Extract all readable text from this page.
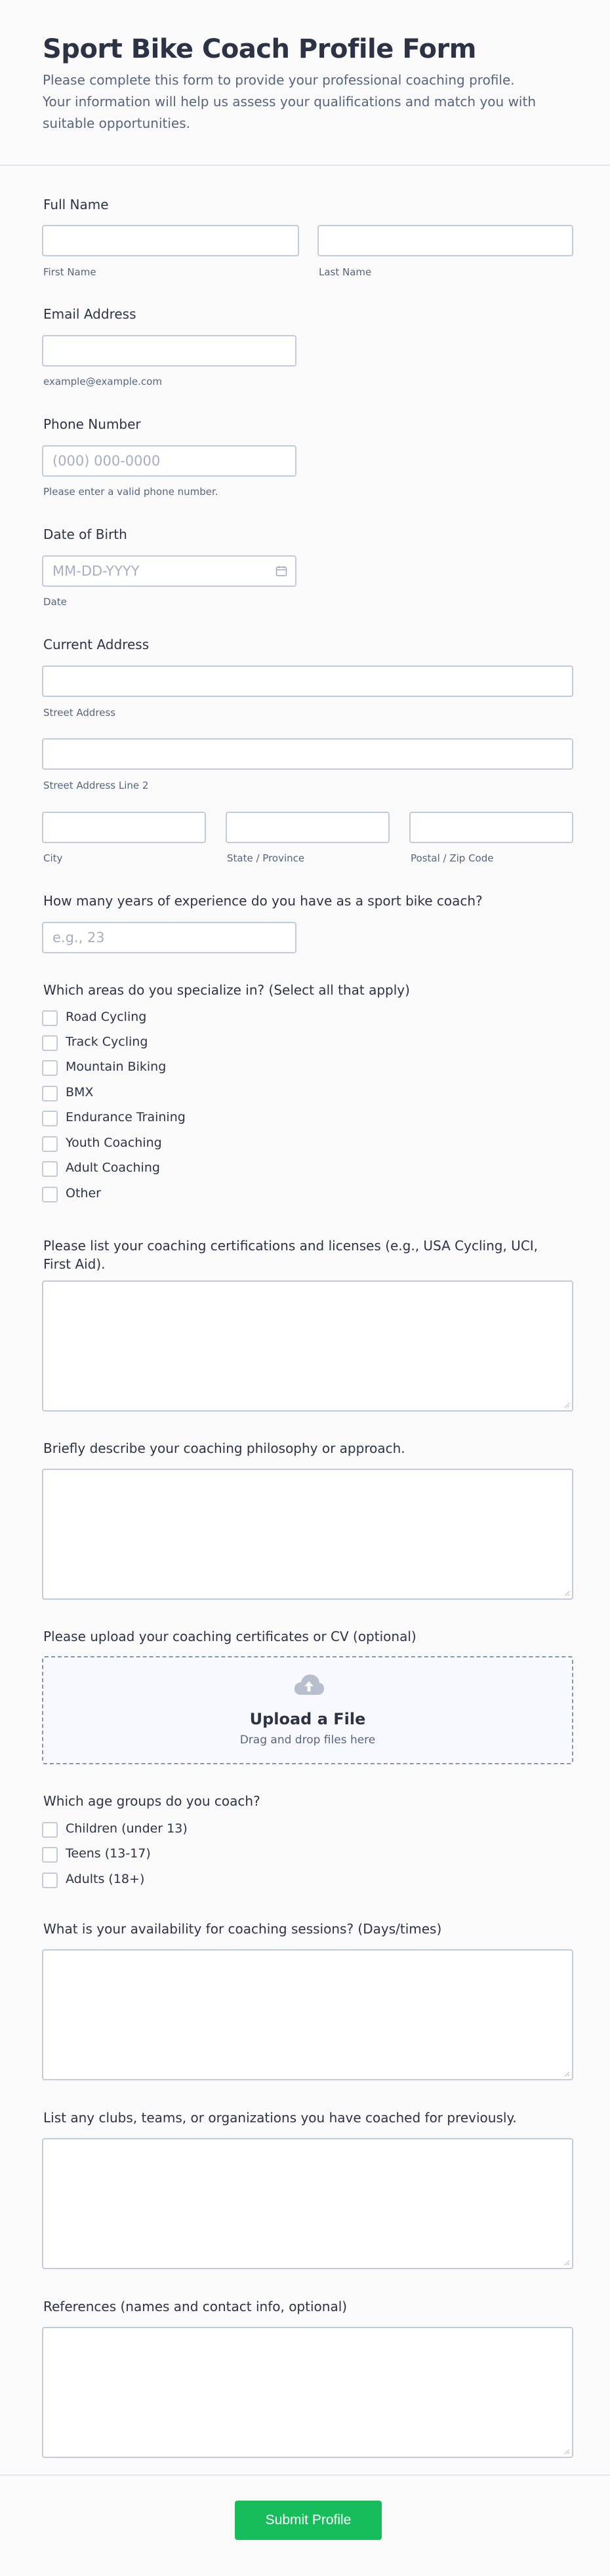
Sport Bike Coach Profile Form
Please complete this form to provide your professional coaching profile. Your information will help us assess your qualifications and match you with suitable opportunities.
Full Name
First Name	Last Name
Email Address
example@example.com
Phone Number
(000) 000-0000
Please enter a valid phone number.
Date of Birth
MM-DD-YYYY
Date
Current Address
Street Address
Street Address Line 2
City	State / Province	Postal / Zip Code
How many years of experience do you have as a sport bike coach?
e.g., 23
Which areas do you specialize in? (Select all that apply)
Road Cycling
Track Cycling
Mountain Biking
BMX
Endurance Training
Youth Coaching
Adult Coaching
Other
Please list your coaching certifications and licenses (e.g., USA Cycling, UCI, First Aid).
Briefly describe your coaching philosophy or approach.
Please upload your coaching certificates or CV (optional)
Upload a File
Drag and drop files here
Which age groups do you coach?
Children (under 13)
Teens (13-17)
Adults (18+)
What is your availability for coaching sessions? (Days/times)
List any clubs, teams, or organizations you have coached for previously.
References (names and contact info, optional)
Submit Profile
